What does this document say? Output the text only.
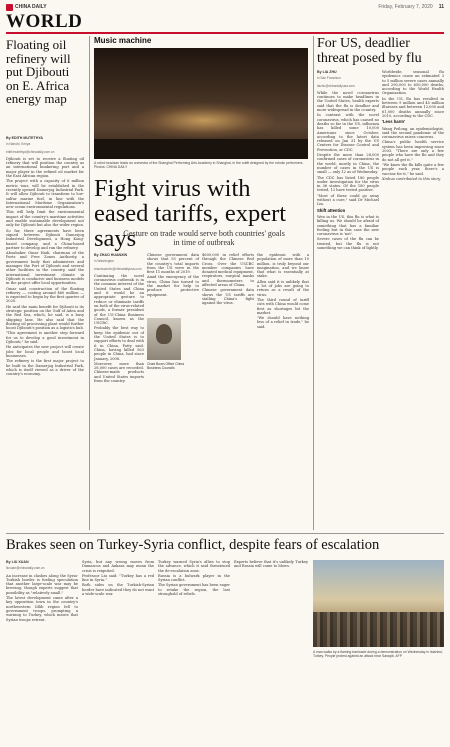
CHINA DAILY	Friday, February 7, 2020 11
WORLD
Floating oil refinery will put Djibouti on E. Africa energy map
By EDITH MUTETHYA
in Nairobi, Kenya
edithmutethya@chinadaily.com.cn

Djibouti is set to receive a floating oil refinery that will position the country as an international bunkering port and a major player in the refined oil market for the East African region.

The project with a capacity of 6 million metric tons, will be established in the recently opened Damerjog Industrial Park. It will allow Djibouti to transform to low-sulfur marine fuel, in line with the International Maritime Organization's new ocean environmental regulations.

This will help limit the environmental impact of the country's maritime activities and enable sustainable development not only for Djibouti but also the wider region.

So far, three agreements have been signed between Djibouti Damerjog Industrial Development, a Hong Kong-based company, and a China-based partner to develop and run the refinery.

Aboubaker Omar Hadi, chairman of the Ports and Free Zones Authority, a government body that administers and manages the Port of Djibouti and several other facilities in the country, said the international investment climate in Djibouti is conducive and business models in the project offer local opportunities.

Omar said construction of the floating refinery — costing around $60 million — is expected to begin by the first quarter of 2020.

He said the main benefit for Djibouti is its strategic position on the Gulf of Aden and the Red Sea, which, he said, is a busy shipping lane. He also said that the floating oil processing plant would further boost Djibouti's position as a logistics hub.

"This agreement is another step forward for us to develop a good investment in Djibouti," he said.

He anticipates the new project will create jobs for local people and boost local businesses.

The refinery is the first major project to be built in the Damerjog Industrial Park, which is itself viewed as a driver of the country's economy.

Music machine
A robot musician leads an orchestra of the Shanghai Performing Arts Academy in Shanghai, in the outfit designed by the robotic performers. Photos: CHINA DAILY
Fight virus with eased tariffs, expert says
Gesture on trade would serve both countries' goals in time of outbreak
By ZHAO HUANXIN
in Washington
zhaohuanxin@chinadailyusa.com

Continuing the novel coronavirus outbreak is in the common interest of the United States and China and it would be an appropriate gesture to reduce or eliminate tariffs on both of the virus-related goods, a former president of the US-China Business Council, known as the USCBC.

Probably the best way to keep the epidemic out of the United States is to support efforts to deal with it in China, Patty said. China, having killed 563 people in China, had since January, 2008.

Moreover, more than 28,000 cases are recorded. Chinese-made products and United States imports from the country.

Chinese government data shows that 55 percent of the country's total imports from the US were in the first 11 months of 2019.

Amid the emergency of the virus, China has turned to the market for help to produce protective equipment.

Chad Bown Office China Business Councils

$600,000 in relief efforts through the Chinese Red Cross. Over the USCBC member companies have donated medical equipment, respirators, surgical masks and thermometers to affected areas of China.

Chinese government data shows the US tariffs are stalling China's fight against the virus.

the epidemic with a population of more than 10 million, is truly beyond our imagination, and we know that what is essentially at stake.

Allen said it is unlikely that a lot of jobs are going to return as a result of the virus.

The third round of tariff cuts with China would come first as shortages hit the market.

"We should have nothing less of a relief in trade," he said.

For US, deadlier threat posed by flu
By LIA ZHU
in San Francisco
liazhu@chinadailyusa.com

While the novel coronavirus continues to make headlines in the United States, health experts said that the flu is deadlier and more widespread in the country.

In contrast with the novel coronavirus, which has caused no deaths so far in the US, influenza has killed some 10,000 Americans since October, according to the latest data released on Jan 31 by the US Centers for Disease Control and Prevention, or CDC.

Despite the more than 28,000 confirmed cases of coronavirus in the world, mostly in China, the number of cases in the US is small — only 12 as of Wednesday.

The CDC has listed 180 people under investigation for the virus in 36 states. Of the 180 people tested, 12 have tested positive.

"Most of these could go away without a cure," said Dr Michael Lin.

Shift attention

Wen in the US, this flu is what is killing us. We should be afraid of something that has a familiar feeling but in this case the new coronavirus is 'not'.

Severe cases of the flu can be treated, but the flu is not something we can think of lightly.

Worldwide, seasonal flu epidemics cause an estimated 3 to 5 million severe cases annually and 290,000 to 650,000 deaths, according to the World Health Organization.

In the US, flu has resulted in between 9 million and 45 million illnesses and between 12,000 and 61,000 deaths annually since 2010, according to the CDC.

'Less harm'

Wang Peilong, an epidemiologist, said the second pandemic of the coronavirus raises concerns.

China's public health service system has been improving since 2003. "There are only a few people who have the flu and they do not all get it."

"We know the flu kills quite a few people each year, there's a vaccine for it," he said.

Xinhua contributed to this story.

Brakes seen on Turkey-Syria conflict, despite fears of escalation
By LIU XUAN
liuxuan@chinadaily.com.cn

An increase in clashes along the Syria-Turkish border is fueling speculation that another large-scale war may be brewing, though experts suggest that possibility as "relatively small."

The latest development came after a key opposition town in the country's northwestern Idlib region fell to government troops, prompting a warning to Turkey, which insists that Syrian troops retreat.

Syria, but any wrong moves from Damascus and Ankara may mean the crisis is reignited.

Professor Liu said: "Turkey has a red line in Syria."

Both sides on the Turkish-Syrian border have indicated they do not want a wide-scale war.

Turkey warned Syria's allies to stop the advance, which it said threatened the de-escalation zone.

Russia is a bulwark player in the Syrian conflict.

The Syrian government has been eager to retake the region, the last stronghold of rebels.

Experts believe that it's unlikely Turkey and Russia will come to blows.

A man walks by a flaming barricade during a demonstration on Wednesday in Istanbul, Turkey. People protest against an attack near Saraqib. AFP
